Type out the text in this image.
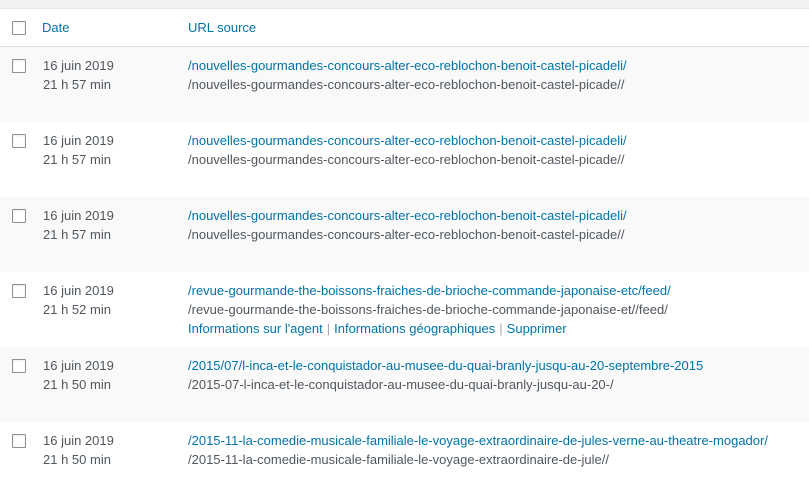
Date	URL source
16 juin 2019
21 h 57 min
/nouvelles-gourmandes-concours-alter-eco-reblochon-benoit-castel-picadeli/
/nouvelles-gourmandes-concours-alter-eco-reblochon-benoit-castel-picade//
16 juin 2019
21 h 57 min
/nouvelles-gourmandes-concours-alter-eco-reblochon-benoit-castel-picadeli/
/nouvelles-gourmandes-concours-alter-eco-reblochon-benoit-castel-picade//
16 juin 2019
21 h 57 min
/nouvelles-gourmandes-concours-alter-eco-reblochon-benoit-castel-picadeli/
/nouvelles-gourmandes-concours-alter-eco-reblochon-benoit-castel-picade//
16 juin 2019
21 h 52 min
/revue-gourmande-the-boissons-fraiches-de-brioche-commande-japonaise-etc/feed/
/revue-gourmande-the-boissons-fraiches-de-brioche-commande-japonaise-et//feed/
Informations sur l'agent | Informations géographiques | Supprimer
16 juin 2019
21 h 50 min
/2015/07/l-inca-et-le-conquistador-au-musee-du-quai-branly-jusqu-au-20-septembre-2015
/2015-07-l-inca-et-le-conquistador-au-musee-du-quai-branly-jusqu-au-20-/
16 juin 2019
21 h 50 min
/2015-11-la-comedie-musicale-familiale-le-voyage-extraordinaire-de-jules-verne-au-theatre-mogador/
/2015-11-la-comedie-musicale-familiale-le-voyage-extraordinaire-de-jule//
